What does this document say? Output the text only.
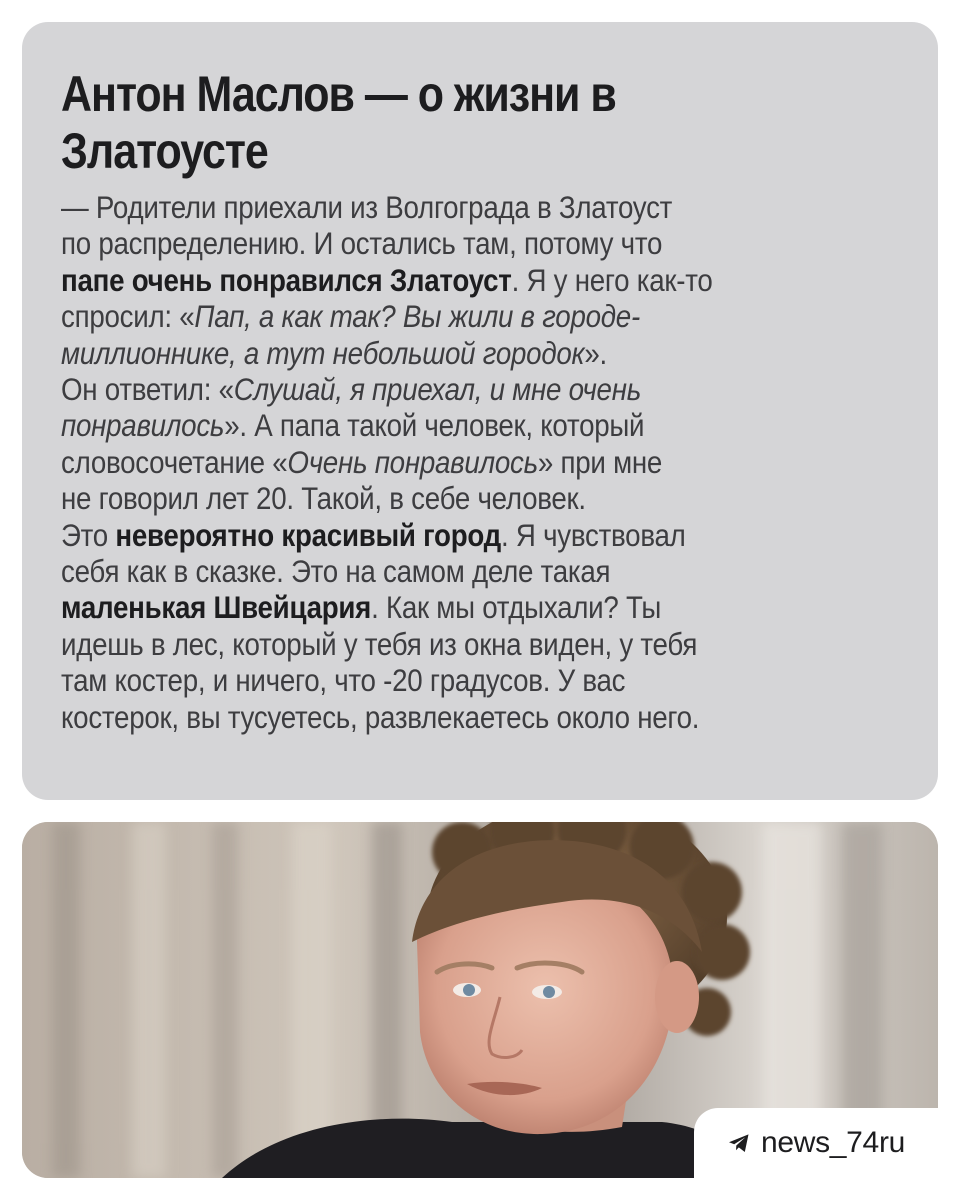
Антон Маслов — о жизни в
Златоусте
— Родители приехали из Волгограда в Златоуст
по распределению. И остались там, потому что
папе очень понравился Златоуст. Я у него как-то
спросил: «Пап, а как так? Вы жили в городе-
миллионнике, а тут небольшой городок».
Он ответил: «Слушай, я приехал, и мне очень
понравилось». А папа такой человек, который
словосочетание «Очень понравилось» при мне
не говорил лет 20. Такой, в себе человек.
Это невероятно красивый город. Я чувствовал
себя как в сказке. Это на самом деле такая
маленькая Швейцария. Как мы отдыхали? Ты
идешь в лес, который у тебя из окна виден, у тебя
там костер, и ничего, что -20 градусов. У вас
костерок, вы тусуетесь, развлекаетесь около него.
news_74ru
